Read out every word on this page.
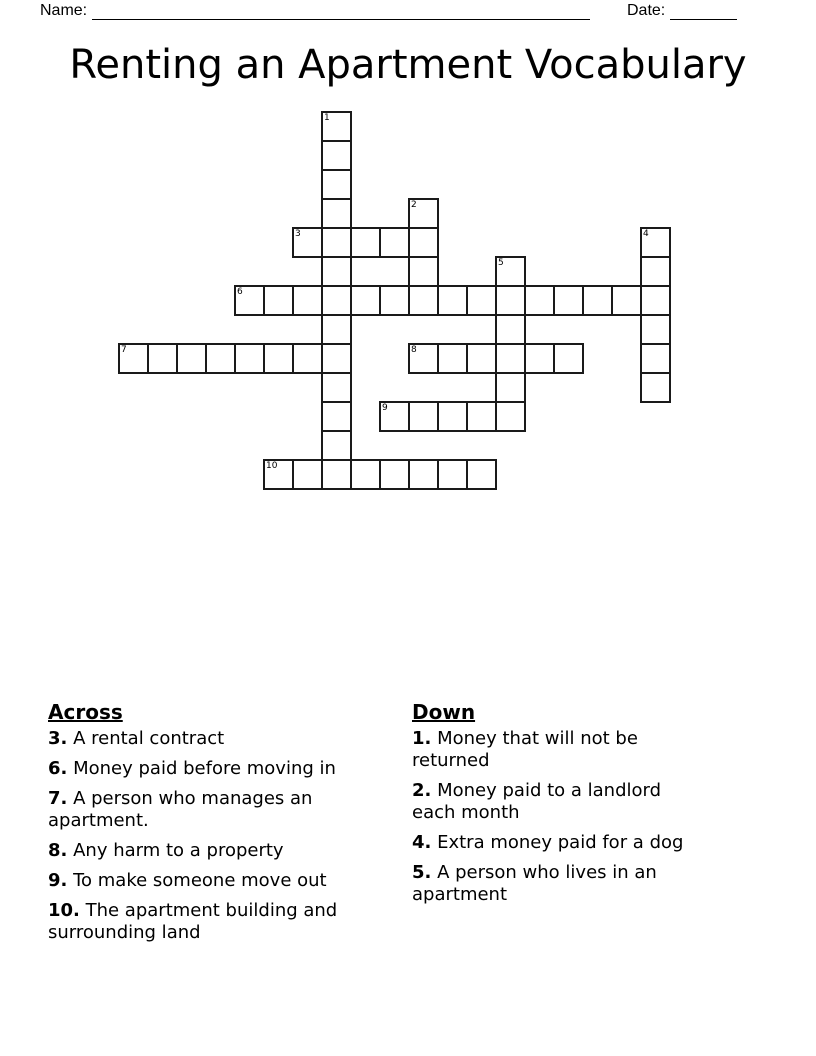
Name:	Date:
Renting an Apartment Vocabulary
1
2
3	4
5
6
7	8
9
10
Across

3. A rental contract

6. Money paid before moving in

7. A person who manages an apartment.

8. Any harm to a property

9. To make someone move out

10. The apartment building and surrounding land

Down

1. Money that will not be returned

2. Money paid to a landlord each month

4. Extra money paid for a dog

5. A person who lives in an apartment
